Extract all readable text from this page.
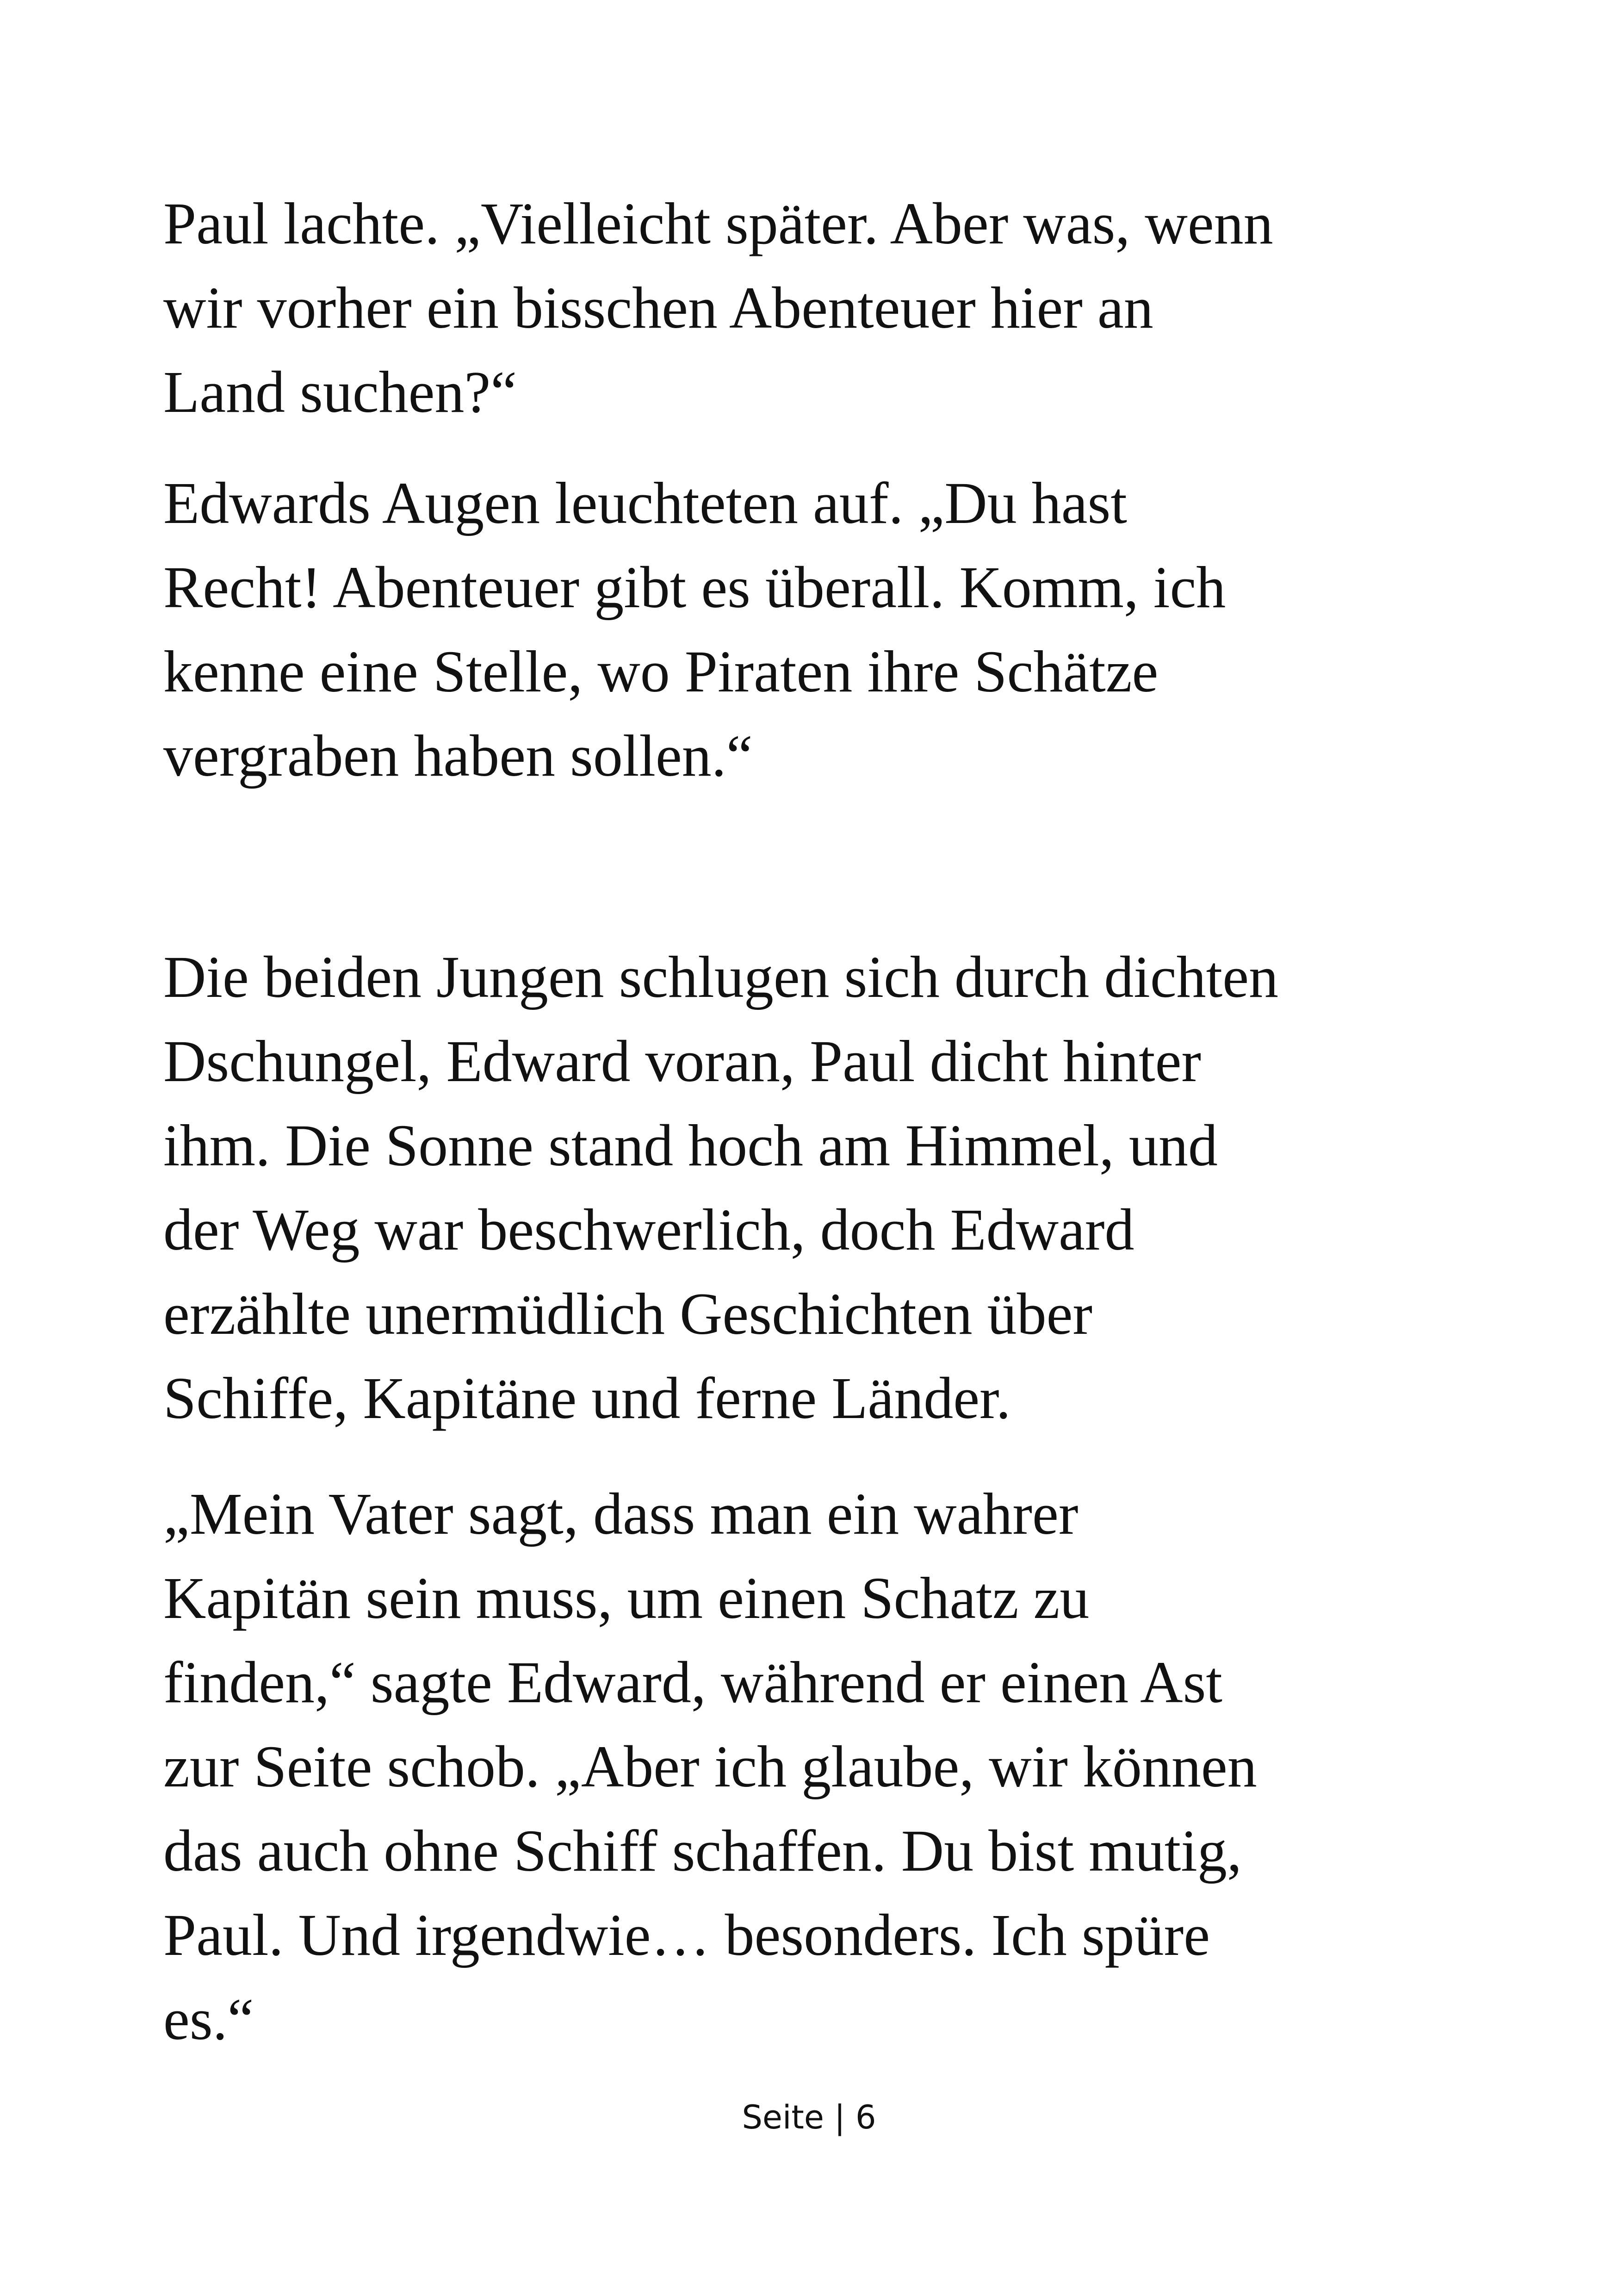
Paul lachte. „Vielleicht später. Aber was, wenn
wir vorher ein bisschen Abenteuer hier an
Land suchen?“

Edwards Augen leuchteten auf. „Du hast
Recht! Abenteuer gibt es überall. Komm, ich
kenne eine Stelle, wo Piraten ihre Schätze
vergraben haben sollen.“

Die beiden Jungen schlugen sich durch dichten
Dschungel, Edward voran, Paul dicht hinter
ihm. Die Sonne stand hoch am Himmel, und
der Weg war beschwerlich, doch Edward
erzählte unermüdlich Geschichten über
Schiffe, Kapitäne und ferne Länder.

„Mein Vater sagt, dass man ein wahrer
Kapitän sein muss, um einen Schatz zu
finden,“ sagte Edward, während er einen Ast
zur Seite schob. „Aber ich glaube, wir können
das auch ohne Schiff schaffen. Du bist mutig,
Paul. Und irgendwie… besonders. Ich spüre
es.“

Seite | 6
